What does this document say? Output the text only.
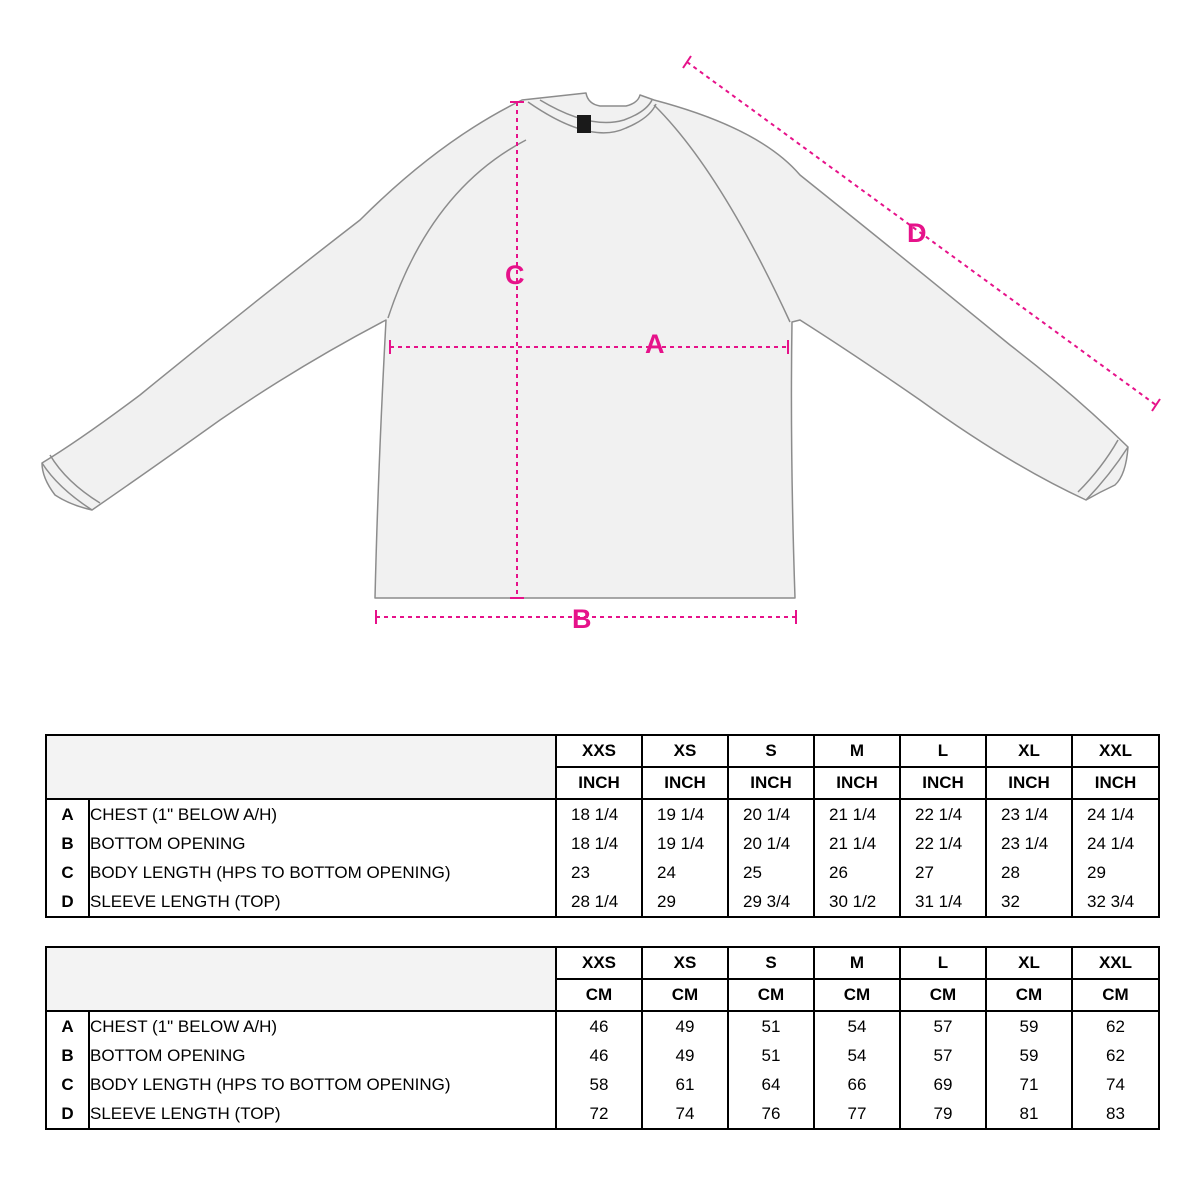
A
B
C
D
		XXS	XS	S	M	L	XL	XXL
		INCH	INCH	INCH	INCH	INCH	INCH	INCH
A	CHEST (1" BELOW A/H)	18 1/4	19 1/4	20 1/4	21 1/4	22 1/4	23 1/4	24 1/4
B	BOTTOM OPENING	18 1/4	19 1/4	20 1/4	21 1/4	22 1/4	23 1/4	24 1/4
C	BODY LENGTH (HPS TO BOTTOM OPENING)	23	24	25	26	27	28	29
D	SLEEVE LENGTH (TOP)	28 1/4	29	29 3/4	30 1/2	31 1/4	32	32 3/4
		XXS	XS	S	M	L	XL	XXL
		CM	CM	CM	CM	CM	CM	CM
A	CHEST (1" BELOW A/H)	46	49	51	54	57	59	62
B	BOTTOM OPENING	46	49	51	54	57	59	62
C	BODY LENGTH (HPS TO BOTTOM OPENING)	58	61	64	66	69	71	74
D	SLEEVE LENGTH (TOP)	72	74	76	77	79	81	83
